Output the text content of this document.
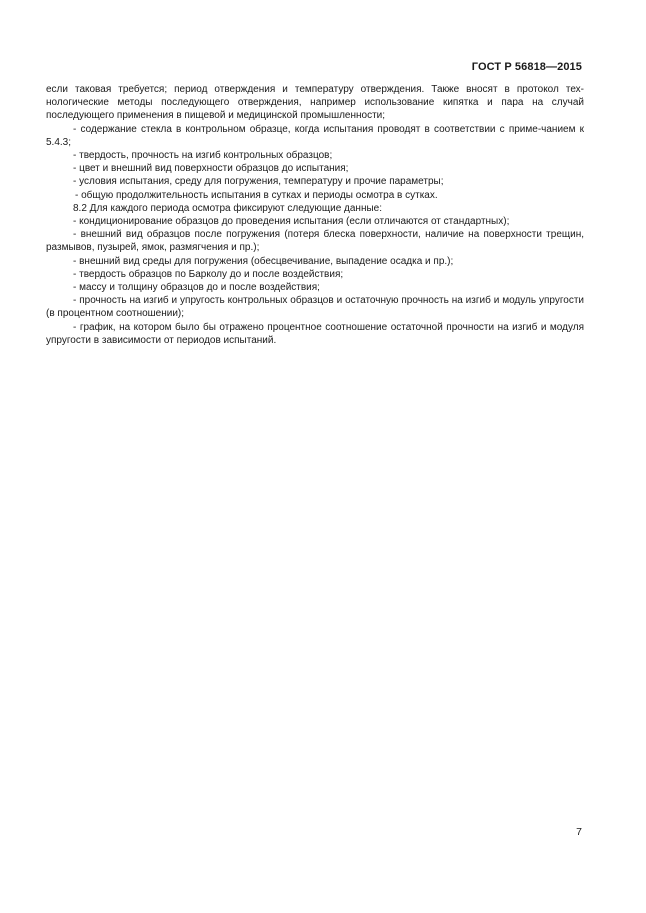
ГОСТ Р 56818—2015

если таковая требуется; период отверждения и температуру отверждения. Также вносят в протокол тех-нологические методы последующего отверждения, например использование кипятка и пара на случай последующего применения в пищевой и медицинской промышленности;

- содержание стекла в контрольном образце, когда испытания проводят в соответствии с приме-чанием к 5.4.3;

- твердость, прочность на изгиб контрольных образцов;

- цвет и внешний вид поверхности образцов до испытания;

- условия испытания, среду для погружения, температуру и прочие параметры;

- общую продолжительность испытания в сутках и периоды осмотра в сутках.

8.2 Для каждого периода осмотра фиксируют следующие данные:

- кондиционирование образцов до проведения испытания (если отличаются от стандартных);

- внешний вид образцов после погружения (потеря блеска поверхности, наличие на поверхности трещин, размывов, пузырей, ямок, размягчения и пр.);

- внешний вид среды для погружения (обесцвечивание, выпадение осадка и пр.);

- твердость образцов по Барколу до и после воздействия;

- массу и толщину образцов до и после воздействия;

- прочность на изгиб и упругость контрольных образцов и остаточную прочность на изгиб и модуль упругости (в процентном соотношении);

- график, на котором было бы отражено процентное соотношение остаточной прочности на изгиб и модуля упругости в зависимости от периодов испытаний.

7
